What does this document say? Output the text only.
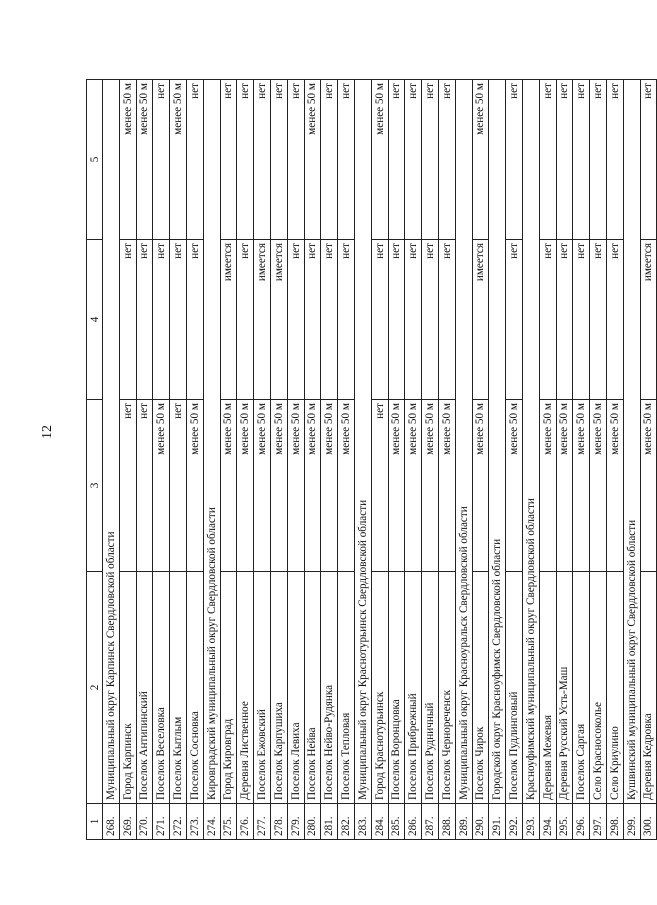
12
1	2	3	4	5
268.	Муниципальный округ Карпинск Свердловской области			
269.	Город Карпинск	нет	нет	менее 50 м
270.	Поселок Антипинский	нет	нет	менее 50 м
271.	Поселок Веселовка	менее 50 м	нет	нет
272.	Поселок Кытлым	нет	нет	менее 50 м
273.	Поселок Сосновка	менее 50 м	нет	нет
274.	Кировградский муниципальный округ Свердловской области			
275.	Город Кировград	менее 50 м	имеется	нет
276.	Деревня Лиственное	менее 50 м	нет	нет
277.	Поселок Ежовский	менее 50 м	имеется	нет
278.	Поселок Карпушиха	менее 50 м	имеется	нет
279.	Поселок Левиха	менее 50 м	нет	нет
280.	Поселок Нейва	менее 50 м	нет	менее 50 м
281.	Поселок Нейво-Рудянка	менее 50 м	нет	нет
282.	Поселок Тепловая	менее 50 м	нет	нет
283.	Муниципальный округ Краснотурьинск Свердловской области			
284.	Город Краснотурьинск	нет	нет	менее 50 м
285.	Поселок Воронцовка	менее 50 м	нет	нет
286.	Поселок Прибрежный	менее 50 м	нет	нет
287.	Поселок Рудничный	менее 50 м	нет	нет
288.	Поселок Чернореченск	менее 50 м	нет	нет
289.	Муниципальный округ Красноуральск Свердловской области			
290.	Поселок Чирок	менее 50 м	имеется	менее 50 м
291.	Городской округ Красноуфимск Свердловской области			
292.	Поселок Пудлинговый	менее 50 м	нет	нет
293.	Красноуфимский муниципальный округ Свердловской области			
294.	Деревня Межевая	менее 50 м	нет	нет
295.	Деревня Русский Усть-Маш	менее 50 м	нет	нет
296.	Поселок Саргая	менее 50 м	нет	нет
297.	Село Красносоколье	менее 50 м	нет	нет
298.	Село Криулино	менее 50 м	нет	нет
299.	Кушвинский муниципальный округ Свердловской области			
300.	Деревня Кедровка	менее 50 м	имеется	нет
